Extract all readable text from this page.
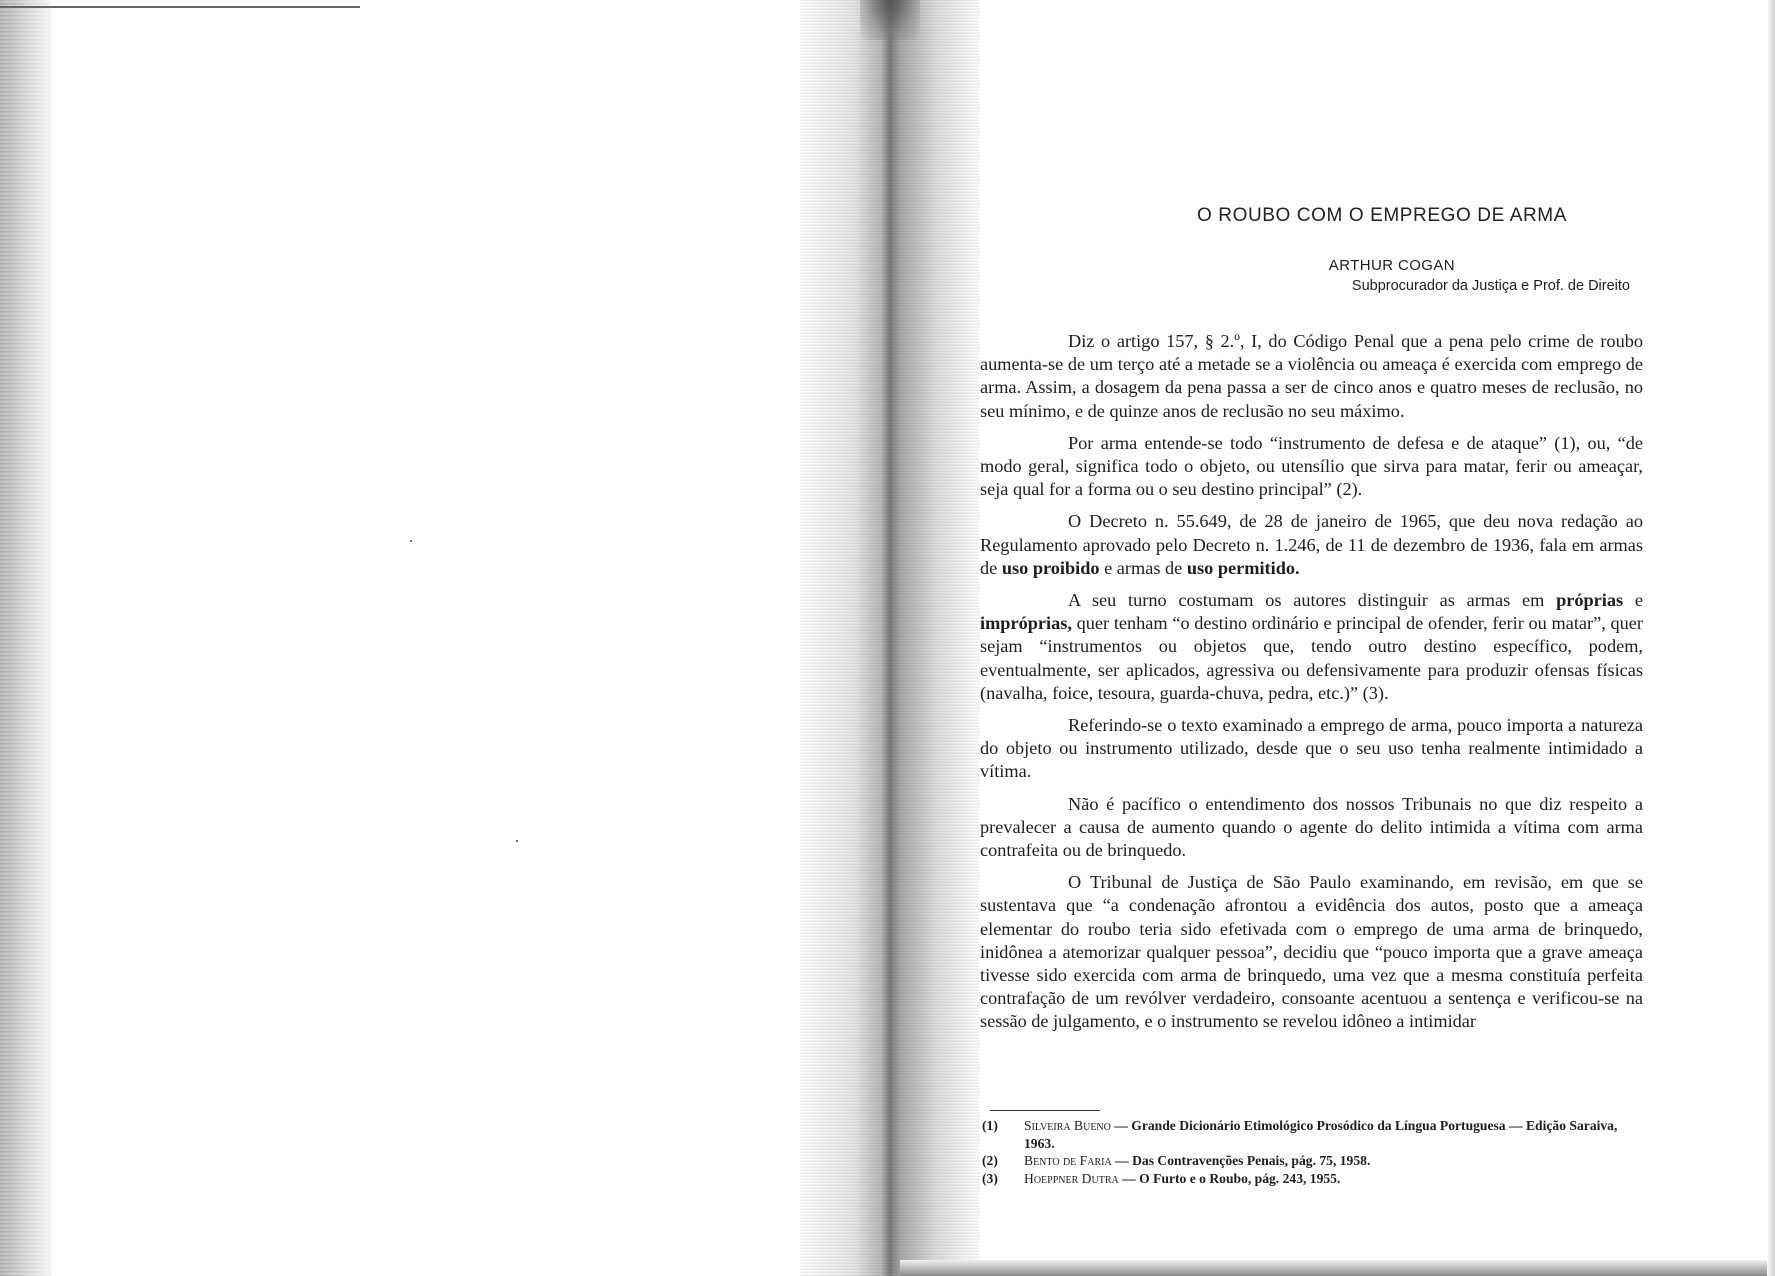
O ROUBO COM O EMPREGO DE ARMA
ARTHUR COGAN
Subprocurador da Justiça e Prof. de Direito

Diz o artigo 157, § 2.º, I, do Código Penal que a pena pelo crime de roubo aumenta-se de um terço até a metade se a violência ou ameaça é exercida com emprego de arma. Assim, a dosagem da pena passa a ser de cinco anos e quatro meses de reclusão, no seu mínimo, e de quinze anos de reclusão no seu máximo.

Por arma entende-se todo “instrumento de defesa e de ataque” (1), ou, “de modo geral, significa todo o objeto, ou utensílio que sirva para matar, ferir ou ameaçar, seja qual for a forma ou o seu destino principal” (2).

O Decreto n. 55.649, de 28 de janeiro de 1965, que deu nova redação ao Regulamento aprovado pelo Decreto n. 1.246, de 11 de dezembro de 1936, fala em armas de uso proibido e armas de uso permitido.

A seu turno costumam os autores distinguir as armas em próprias e impróprias, quer tenham “o destino ordinário e principal de ofender, ferir ou matar”, quer sejam “instrumentos ou objetos que, tendo outro destino específico, podem, eventualmente, ser aplicados, agressiva ou defensivamente para produzir ofensas físicas (navalha, foice, tesoura, guarda-chuva, pedra, etc.)” (3).

Referindo-se o texto examinado a emprego de arma, pouco importa a natureza do objeto ou instrumento utilizado, desde que o seu uso tenha realmente intimidado a vítima.

Não é pacífico o entendimento dos nossos Tribunais no que diz respeito a prevalecer a causa de aumento quando o agente do delito intimida a vítima com arma contrafeita ou de brinquedo.

O Tribunal de Justiça de São Paulo examinando, em revisão, em que se sustentava que “a condenação afrontou a evidência dos autos, posto que a ameaça elementar do roubo teria sido efetivada com o emprego de uma arma de brinquedo, inidônea a atemorizar qualquer pessoa”, decidiu que “pouco importa que a grave ameaça tivesse sido exercida com arma de brinquedo, uma vez que a mesma constituía perfeita contrafação de um revólver verdadeiro, consoante acentuou a sentença e verificou-se na sessão de julgamento, e o instrumento se revelou idôneo a intimidar

(1)	Silveira Bueno — Grande Dicionário Etimológico Prosódico da Língua Portuguesa — Edição Saraiva, 1963.
(2)	Bento de Faria — Das Contravenções Penais, pág. 75, 1958.
(3)	Hoeppner Dutra — O Furto e o Roubo, pág. 243, 1955.
